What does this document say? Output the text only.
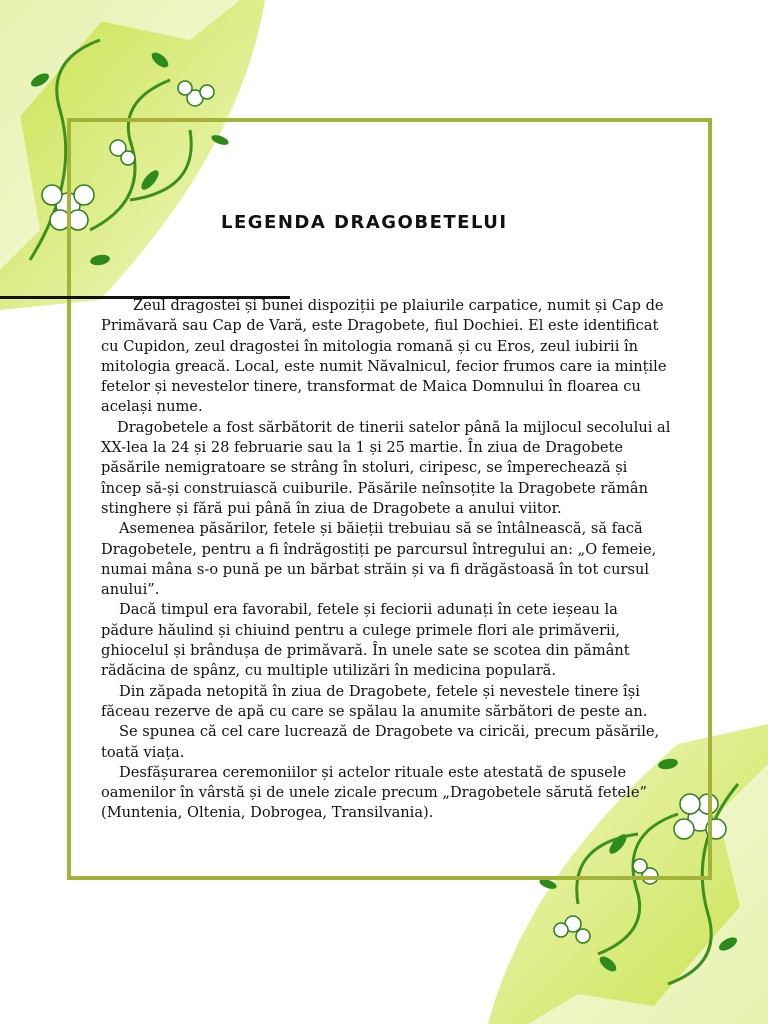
LEGENDA DRAGOBETELUI

Zeul dragostei și bunei dispoziții pe plaiurile carpatice, numit și Cap de Primăvară sau Cap de Vară, este Dragobete, fiul Dochiei. El este identificat cu Cupidon, zeul dragostei în mitologia romană și cu Eros, zeul iubirii în mitologia greacă. Local, este numit Năvalnicul, fecior frumos care ia mințile fetelor și nevestelor tinere, transformat de Maica Domnului în floarea cu același nume.

Dragobetele a fost sărbătorit de tinerii satelor până la mijlocul secolului al XX-lea la 24 și 28 februarie sau la 1 și 25 martie. În ziua de Dragobete păsările nemigratoare se strâng în stoluri, ciripesc, se împerechează și încep să-și construiască cuiburile. Păsările neînsoțite la Dragobete rămân stinghere și fără pui până în ziua de Dragobete a anului viitor.

Asemenea păsărilor, fetele și băieții trebuiau să se întâlnească, să facă Dragobetele, pentru a fi îndrăgostiți pe parcursul întregului an: „O femeie, numai mâna s-o pună pe un bărbat străin și va fi drăgăstoasă în tot cursul anului”.

Dacă timpul era favorabil, fetele și feciorii adunați în cete ieșeau la pădure hăulind și chiuind pentru a culege primele flori ale primăverii, ghiocelul și brândușa de primăvară. În unele sate se scotea din pământ rădăcina de spânz, cu multiple utilizări în medicina populară.

Din zăpada netopită în ziua de Dragobete, fetele și nevestele tinere își făceau rezerve de apă cu care se spălau la anumite sărbători de peste an.

Se spunea că cel care lucrează de Dragobete va ciricăi, precum păsările, toată viața.

Desfășurarea ceremoniilor și actelor rituale este atestată de spusele oamenilor în vârstă și de unele zicale precum „Dragobetele sărută fetele” (Muntenia, Oltenia, Dobrogea, Transilvania).
